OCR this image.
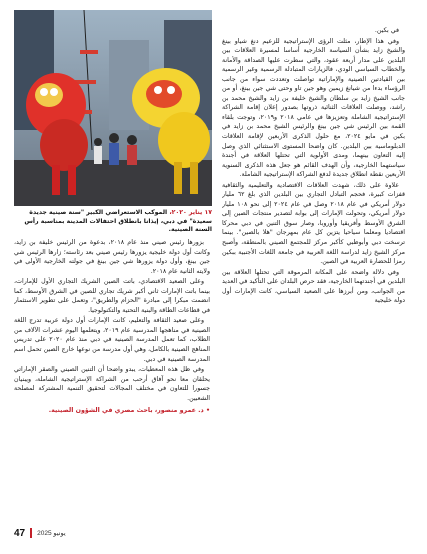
في بكين.

وفي هذا الإطار، مثلت الرؤى الإستراتيجية للزعيم دنغ شياو بينغ والشيخ زايد بشأن السياسة الخارجية أساسا لمسيرة العلاقات بين البلدين على مدار أربعة عقود، والتي سطرت عليها الصداقة والأمانة والخطاب السياسي الودي، فالزيارات المتبادلة الرسمية وغير الرسمية بين القيادتين الصينية والإماراتية تواصلت وتعددت سواء من جانب الرؤساء بدءا من شيانغ زيمين وهو جين تاو وحتى شي جين بينغ، أو من جانب الشيخ زايد بن سلطان والشيخ خليفة بن زايد والشيخ محمد بن راشد، ووصلت العلاقات الثنائية ذروتها بصدور إعلان إقامة الشراكة الإستراتيجية الشاملة وتعزيزها في عامي ٢٠١٨ و٢٠١٩، وتوجت بلقاء القمة بين الرئيس شي جين بينغ والرئيس الشيخ محمد بن زايد في بكين في مايو ٢٠٢٤، مع حلول الذكرى الأربعين لإقامة العلاقات الدبلوماسية بين البلدين. كان واضحا المستوى الاستثنائي الذي وصل إليه التعاون بينهما، ومدى الأولوية التي تحتلها العلاقة في أجندة سياستهما الخارجية، وأن الهدف القائم هو جعل هذه الذكرى السنوية الأربعين نقطة انطلاق جديدة لدفع الشراكة الإستراتيجية الشاملة.

علاوة على ذلك، شهدت العلاقات الاقتصادية والتعليمية والثقافية قفزات كبيرة، فحجم التبادل التجاري بين البلدين الذي بلغ ٦٢ مليار دولار أمريكي في عام ٢٠١٨ وصل في عام ٢٠٢٤ إلى نحو ١٠٨ مليار دولار أمريكي، وتحولت الإمارات إلى بوابة لتصدير منتجات الصين إلى الشرق الأوسط وأفريقيا وأوروبا، وصار سوق التنين في دبي محركا اقتصاديا ومعلما سياحيا يتزين كل عام بمهرجان "هلا بالصين". بينما ترسخت دبي وأبوظبي كأكبر مركز للمجتمع الصيني بالمنطقة، وأصبح مركز الشيخ زايد لدراسة اللغة العربية في جامعة اللغات الأجنبية ببكين رمزا للحضارة العربية في الصين.

وفي دلالة واضحة على المكانة المرموقة التي تحتلها العلاقة بين البلدين في أجندتهما الخارجية، فقد حرص البلدان على التأكيد في العديد من الجوانب، ومن أبرزها على الصعيد السياسي، كانت الإمارات أول دولة خليجية

١٧ يناير ٢٠٢٠، الموكب الاستعراضي الكبير "سنة صينية جديدة سعيدة" في دبي، إيذانا بانطلاق احتفالات المدينة بمناسبة رأس السنة الصينية.

بزورها رئيس صيني منذ عام ٢٠١٨، بدعوة من الرئيس خليفة بن زايد، وكانت أول دولة خليجية يزورها رئيس صيني بعد رئاسته؛ زارها الرئيس شي جين بينغ، وأول دولة يزورها شي جين بينغ في جولته الخارجية الأولى في ولايته الثانية عام ٢٠١٨.

وعلى الصعيد الاقتصادي، باتت الصين الشريك التجاري الأول للإمارات، بينما باتت الإمارات ثاني أكبر شريك تجاري للصين في الشرق الأوسط، كما انضمت مبكرا إلى مبادرة "الحزام والطريق"، وتعمل على تطوير الاستثمار في قطاعات الطاقة والبنية التحتية والتكنولوجيا.

وعلى صعيد الثقافة والتعليم، كانت الإمارات أول دولة عربية تدرج اللغة الصينية في مناهجها المدرسية عام ٢٠١٩، ويتعلمها اليوم عشرات الآلاف من الطلاب، كما تعمل المدرسة الصينية في دبي منذ عام ٢٠٢٠ على تدريس المناهج الصينية بالكامل، وهي أول مدرسة من نوعها خارج الصين تحمل اسم المدرسة الصينية في دبي.

وفي ظل هذه المعطيات، يبدو واضحا أن التنين الصيني والصقر الإماراتي يحلقان معا نحو آفاق أرحب من الشراكة الإستراتيجية الشاملة، ويبنيان جسورا للتعاون في مختلف المجالات لتحقيق التنمية المشتركة لمصلحة الشعبين.

• د. عمرو منصور، باحث مصري في الشؤون الصينية.

47 يونيو 2025
